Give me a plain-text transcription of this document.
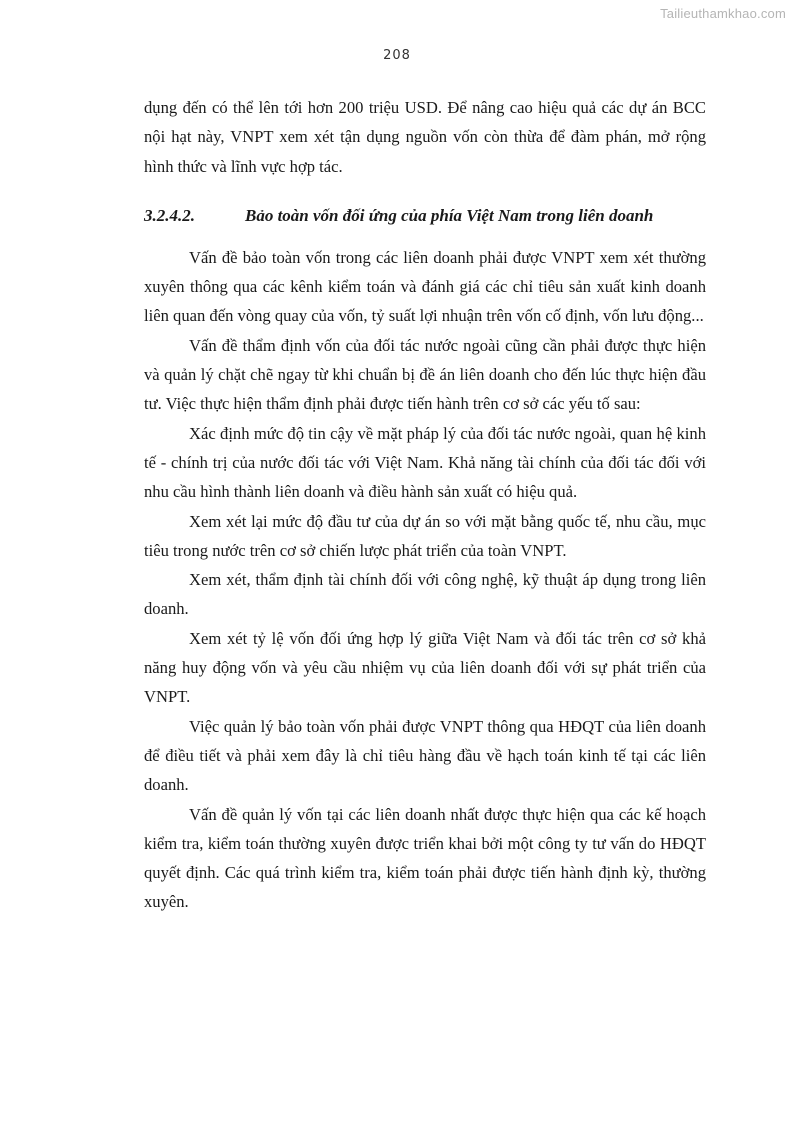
Tailieuthamkhao.com
208

dụng đến có thể lên tới hơn 200 triệu USD. Để nâng cao hiệu quả các dự án BCC nội hạt này, VNPT xem xét tận dụng nguồn vốn còn thừa để đàm phán, mở rộng hình thức và lĩnh vực hợp tác.

3.2.4.2.	Bảo toàn vốn đối ứng của phía Việt Nam trong liên doanh

Vấn đề bảo toàn vốn trong các liên doanh phải được VNPT xem xét thường xuyên thông qua các kênh kiểm toán và đánh giá các chỉ tiêu sản xuất kinh doanh liên quan đến vòng quay của vốn, tỷ suất lợi nhuận trên vốn cố định, vốn lưu động...

Vấn đề thẩm định vốn của đối tác nước ngoài cũng cần phải được thực hiện và quản lý chặt chẽ ngay từ khi chuẩn bị đề án liên doanh cho đến lúc thực hiện đầu tư. Việc thực hiện thẩm định phải được tiến hành trên cơ sở các yếu tố sau:

Xác định mức độ tin cậy về mặt pháp lý của đối tác nước ngoài, quan hệ kinh tế - chính trị của nước đối tác với Việt Nam. Khả năng tài chính của đối tác đối với nhu cầu hình thành liên doanh và điều hành sản xuất có hiệu quả.

Xem xét lại mức độ đầu tư của dự án so với mặt bằng quốc tế, nhu cầu, mục tiêu trong nước trên cơ sở chiến lược phát triển của toàn VNPT.

Xem xét, thẩm định tài chính đối với công nghệ, kỹ thuật áp dụng trong liên doanh.

Xem xét tỷ lệ vốn đối ứng hợp lý giữa Việt Nam và đối tác trên cơ sở khả năng huy động vốn và yêu cầu nhiệm vụ của liên doanh đối với sự phát triển của VNPT.

Việc quản lý bảo toàn vốn phải được VNPT thông qua HĐQT của liên doanh để điều tiết và phải xem đây là chỉ tiêu hàng đầu về hạch toán kinh tế tại các liên doanh.

Vấn đề quản lý vốn tại các liên doanh nhất được thực hiện qua các kế hoạch kiểm tra, kiểm toán thường xuyên được triển khai bởi một công ty tư vấn do HĐQT quyết định. Các quá trình kiểm tra, kiểm toán phải được tiến hành định kỳ, thường xuyên.
